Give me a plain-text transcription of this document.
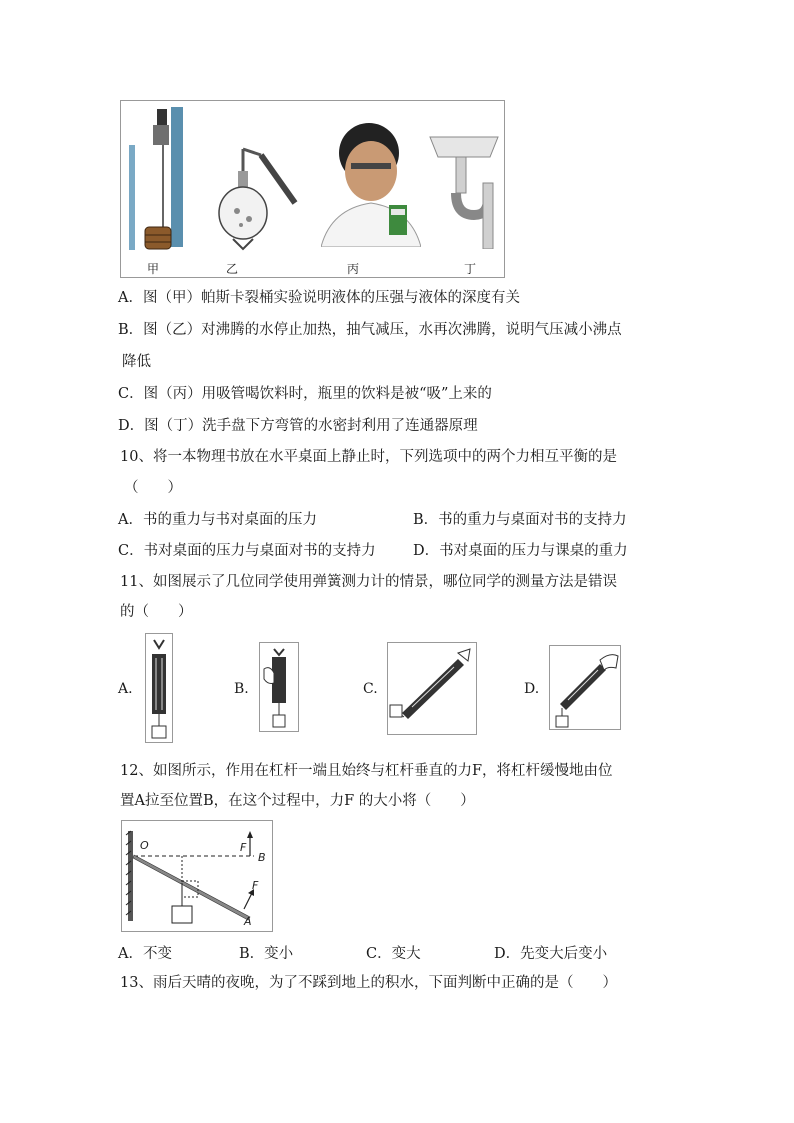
甲	乙	丙	丁
A．图（甲）帕斯卡裂桶实验说明液体的压强与液体的深度有关
B．图（乙）对沸腾的水停止加热，抽气减压，水再次沸腾，说明气压减小沸点
降低
C．图（丙）用吸管喝饮料时，瓶里的饮料是被“吸”上来的
D．图（丁）洗手盘下方弯管的水密封利用了连通器原理
10、将一本物理书放在水平桌面上静止时，下列选项中的两个力相互平衡的是
（　　）
A．书的重力与书对桌面的压力	B．书的重力与桌面对书的支持力
C．书对桌面的压力与桌面对书的支持力	D．书对桌面的压力与课桌的重力
11、如图展示了几位同学使用弹簧测力计的情景，哪位同学的测量方法是错误
的（　　）
A.	B.	C.	D.
12、如图所示，作用在杠杆一端且始终与杠杆垂直的力F，将杠杆缓慢地由位
置A拉至位置B，在这个过程中，力F 的大小将（　　）
O	F
B
F
A
A．不变	B．变小	C．变大	D．先变大后变小
13、雨后天晴的夜晚，为了不踩到地上的积水，下面判断中正确的是（　　）
